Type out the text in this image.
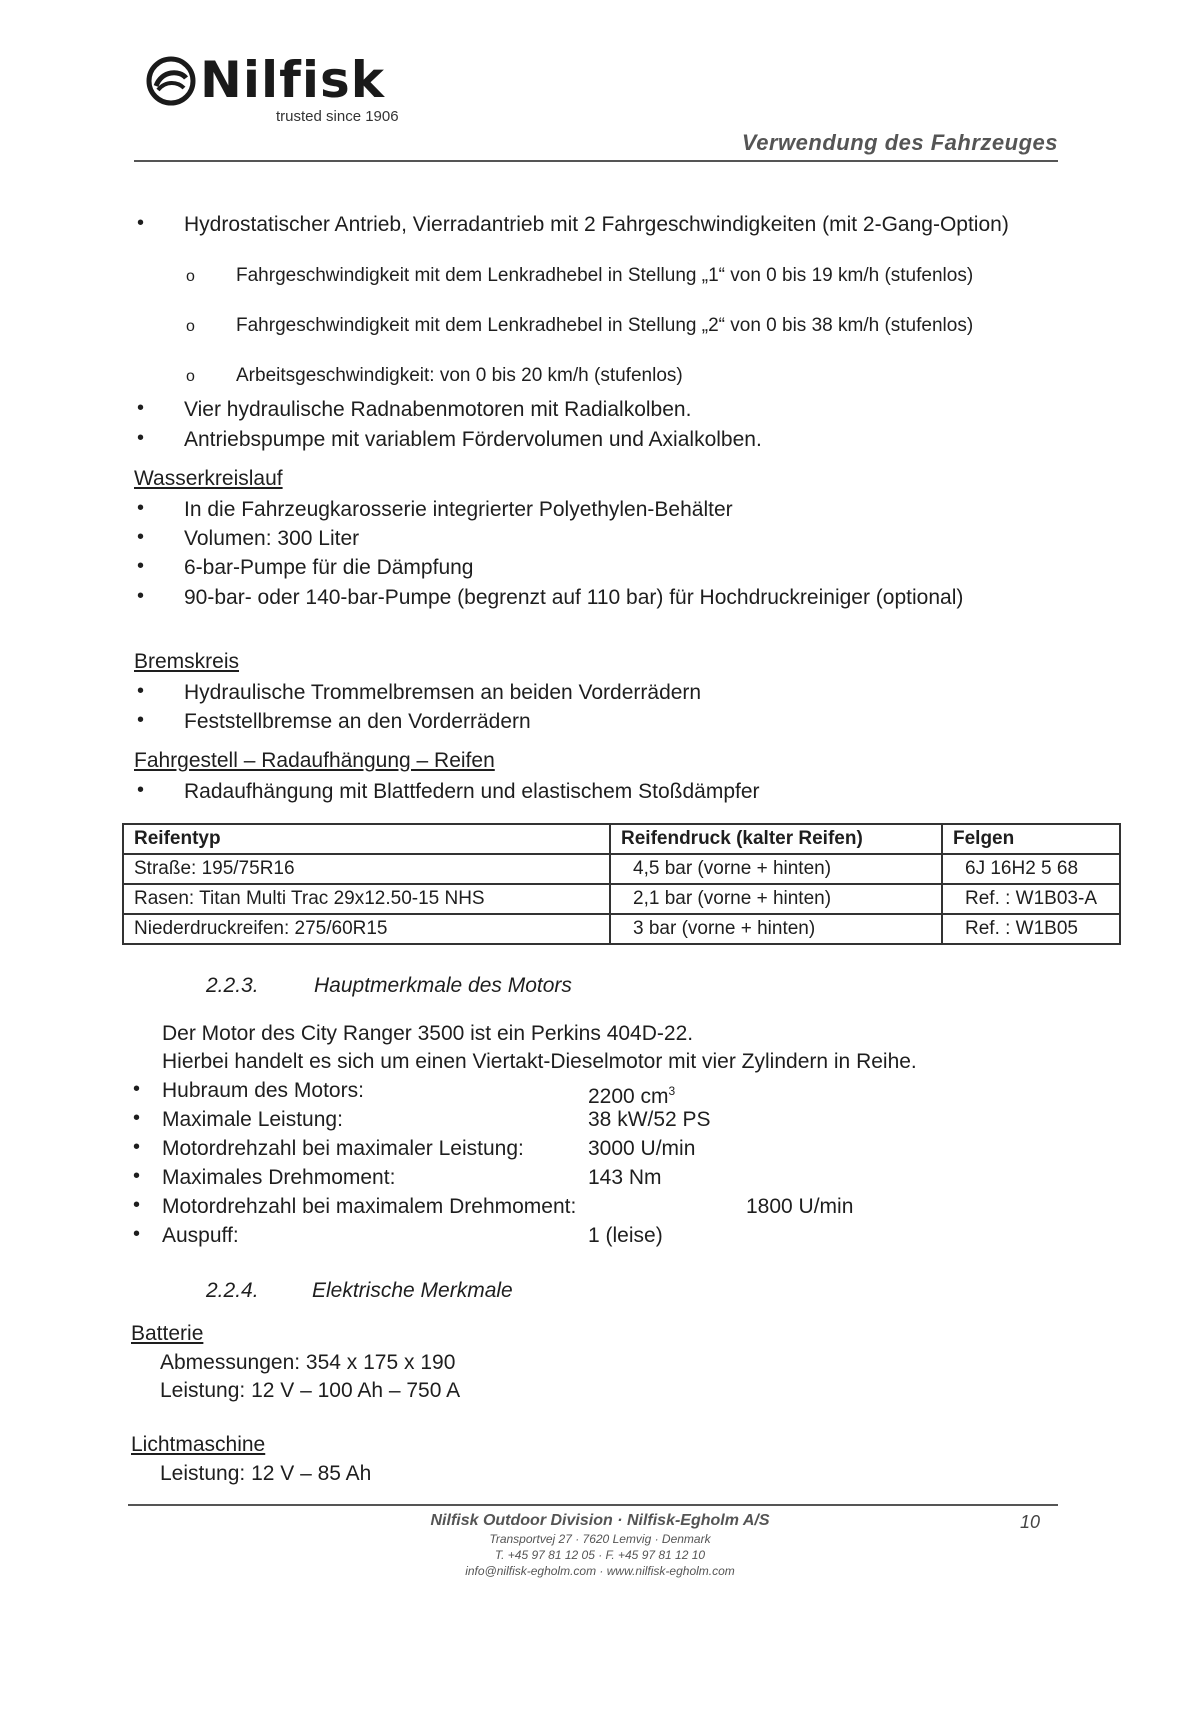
Nilfisk
trusted since 1906
Verwendung des Fahrzeuges
• Hydrostatischer Antrieb, Vierradantrieb mit 2 Fahrgeschwindigkeiten (mit 2-Gang-Option)
o Fahrgeschwindigkeit mit dem Lenkradhebel in Stellung „1“ von 0 bis 19 km/h (stufenlos)
o Fahrgeschwindigkeit mit dem Lenkradhebel in Stellung „2“ von 0 bis 38 km/h (stufenlos)
o Arbeitsgeschwindigkeit: von 0 bis 20 km/h (stufenlos)
• Vier hydraulische Radnabenmotoren mit Radialkolben.
• Antriebspumpe mit variablem Fördervolumen und Axialkolben.
Wasserkreislauf
• In die Fahrzeugkarosserie integrierter Polyethylen-Behälter
• Volumen: 300 Liter
• 6-bar-Pumpe für die Dämpfung
• 90-bar- oder 140-bar-Pumpe (begrenzt auf 110 bar) für Hochdruckreiniger (optional)
Bremskreis
• Hydraulische Trommelbremsen an beiden Vorderrädern
• Feststellbremse an den Vorderrädern
Fahrgestell – Radaufhängung – Reifen
• Radaufhängung mit Blattfedern und elastischem Stoßdämpfer
Reifentyp	Reifendruck (kalter Reifen)	Felgen
Straße: 195/75R16	4,5 bar (vorne + hinten)	6J 16H2 5 68
Rasen: Titan Multi Trac 29x12.50-15 NHS	2,1 bar (vorne + hinten)	Ref. : W1B03-A
Niederdruckreifen: 275/60R15	3 bar (vorne + hinten)	Ref. : W1B05
2.2.3.	Hauptmerkmale des Motors
Der Motor des City Ranger 3500 ist ein Perkins 404D-22.
Hierbei handelt es sich um einen Viertakt-Dieselmotor mit vier Zylindern in Reihe.
• Hubraum des Motors:	2200 $cm^3$
• Maximale Leistung:	38 kW/52 PS
• Motordrehzahl bei maximaler Leistung:	3000 U/min
• Maximales Drehmoment:	143 Nm
• Motordrehzahl bei maximalem Drehmoment:	1800 U/min
• Auspuff:	1 (leise)
2.2.4.	Elektrische Merkmale
Batterie
Abmessungen: 354 x 175 x 190
Leistung: 12 V – 100 Ah – 750 A
Lichtmaschine
Leistung: 12 V – 85 Ah
Nilfisk Outdoor Division · Nilfisk-Egholm A/S
Transportvej 27 · 7620 Lemvig · Denmark
T. +45 97 81 12 05 · F. +45 97 81 12 10
info@nilfisk-egholm.com · www.nilfisk-egholm.com
10
